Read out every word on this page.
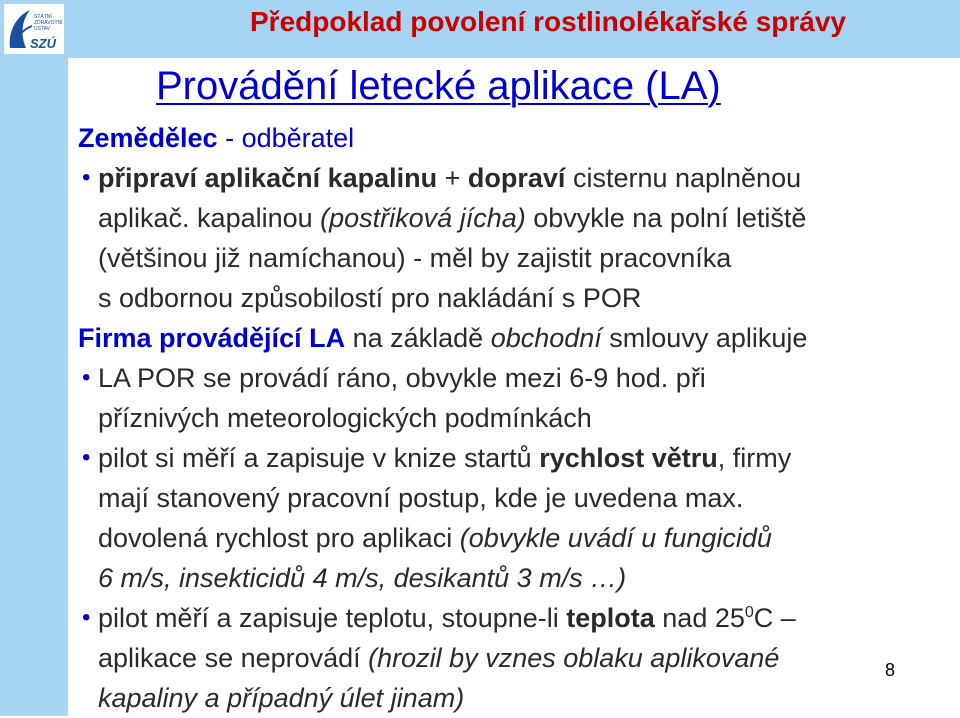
STÁTNÍ
ZDRAVOTNÍ
ÚSTAV
SZÚ
Předpoklad povolení rostlinolékařské správy
Provádění letecké aplikace (LA)
Zemědělec - odběratel
• připraví aplikační kapalinu + dopraví cisternu naplněnou
aplikač. kapalinou (postřiková jícha) obvykle na polní letiště
(většinou již namíchanou) - měl by zajistit pracovníka
s odbornou způsobilostí pro nakládání s POR
Firma provádějící LA na základě obchodní smlouvy aplikuje
• LA POR se provádí ráno, obvykle mezi 6-9 hod. při
příznivých meteorologických podmínkách
• pilot si měří a zapisuje v knize startů rychlost větru, firmy
mají stanovený pracovní postup, kde je uvedena max.
dovolená rychlost pro aplikaci (obvykle uvádí u fungicidů
6 m/s, insekticidů 4 m/s, desikantů 3 m/s …)
• pilot měří a zapisuje teplotu, stoupne-li teplota nad $25^0C$ –
aplikace se neprovádí (hrozil by vznes oblaku aplikované
kapaliny a případný úlet jinam)
8
